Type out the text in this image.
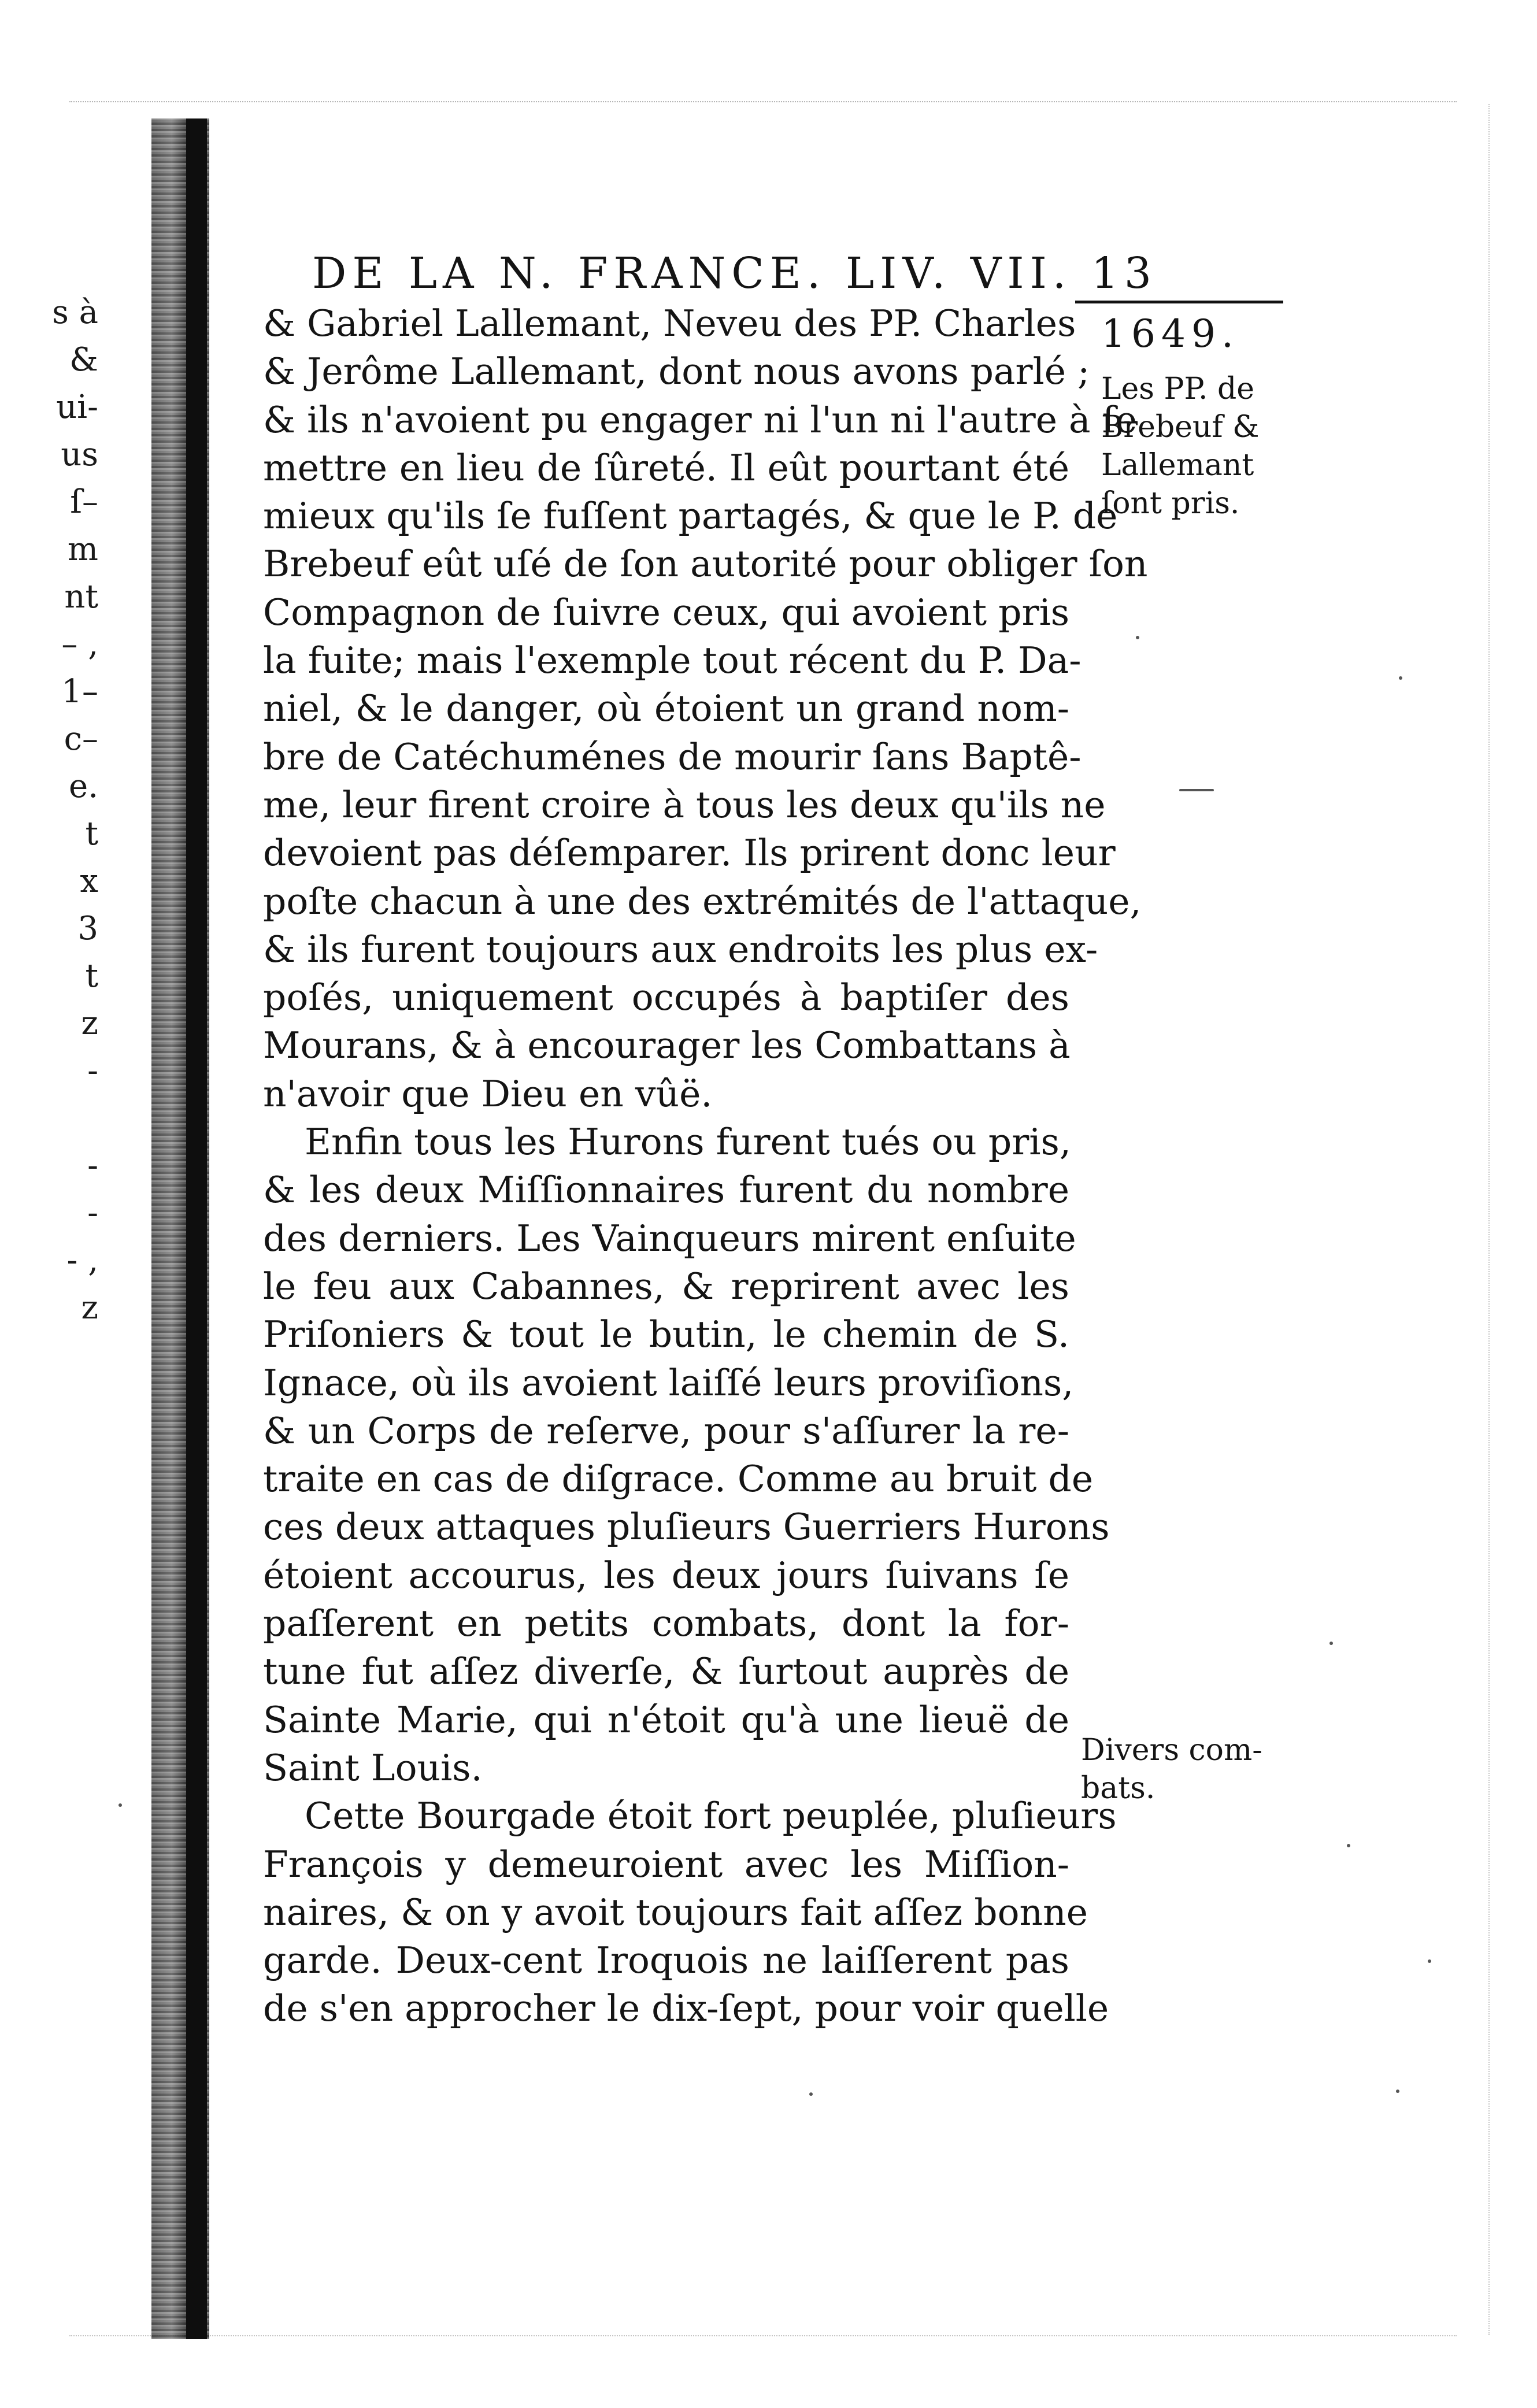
s à
&
ui-
us
ſ–
m
nt
– ,
1–
c–
e.
t
x
3
t
z
-
-
-
- ,
z
DE LA N. FRANCE. LIV. VII. 13
1649.
Les PP. de
Brebeuf &
Lallemant
ſont pris.
Divers com-
bats.
& Gabriel Lallemant, Neveu des PP. Charles
& Jerôme Lallemant, dont nous avons parlé ;
& ils n'avoient pu engager ni l'un ni l'autre à ſe
mettre en lieu de ſûreté. Il eût pourtant été
mieux qu'ils ſe fuſſent partagés, & que le P. de
Brebeuf eût uſé de ſon autorité pour obliger ſon
Compagnon de ſuivre ceux, qui avoient pris
la fuite; mais l'exemple tout récent du P. Da-
niel, & le danger, où étoient un grand nom-
bre de Catéchuménes de mourir ſans Baptê-
me, leur firent croire à tous les deux qu'ils ne
devoient pas déſemparer. Ils prirent donc leur
poſte chacun à une des extrémités de l'attaque,
& ils furent toujours aux endroits les plus ex-
poſés, uniquement occupés à baptiſer des
Mourans, & à encourager les Combattans à
n'avoir que Dieu en vûë.
Enfin tous les Hurons furent tués ou pris,
& les deux Miſſionnaires furent du nombre
des derniers. Les Vainqueurs mirent enſuite
le feu aux Cabannes, & reprirent avec les
Priſoniers & tout le butin, le chemin de S.
Ignace, où ils avoient laiſſé leurs proviſions,
& un Corps de reſerve, pour s'aſſurer la re-
traite en cas de diſgrace. Comme au bruit de
ces deux attaques pluſieurs Guerriers Hurons
étoient accourus, les deux jours ſuivans ſe
paſſerent en petits combats, dont la for-
tune fut aſſez diverſe, & ſurtout auprès de
Sainte Marie, qui n'étoit qu'à une lieuë de
Saint Louis.
Cette Bourgade étoit fort peuplée, pluſieurs
François y demeuroient avec les Miſſion-
naires, & on y avoit toujours fait aſſez bonne
garde. Deux-cent Iroquois ne laiſſerent pas
de s'en approcher le dix-ſept, pour voir quelle
